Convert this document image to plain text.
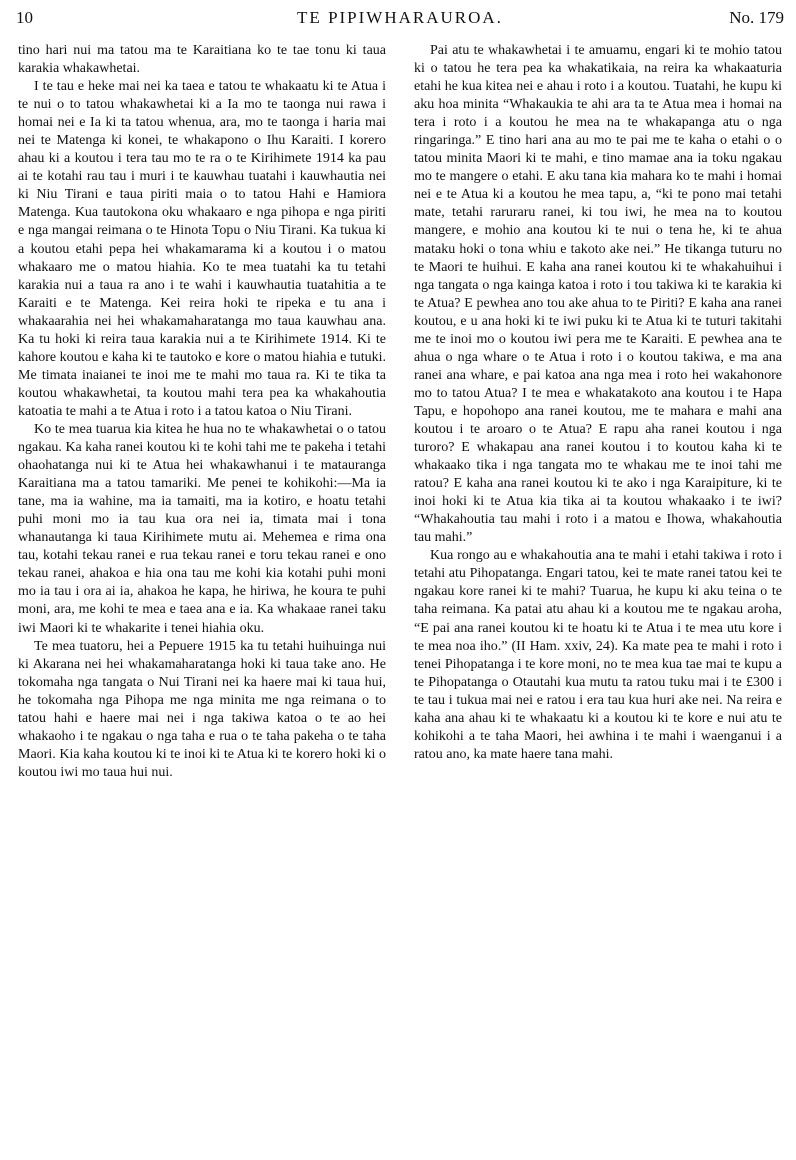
10	TE PIPIWHARAUROA.	No. 179

tino hari nui ma tatou ma te Karaitiana ko te tae tonu ki taua karakia whakawhetai.

I te tau e heke mai nei ka taea e tatou te whakaatu ki te Atua i te nui o to tatou whakawhetai ki a Ia mo te taonga nui rawa i homai nei e Ia ki ta tatou whenua, ara, mo te taonga i haria mai nei te Matenga ki konei, te whakapono o Ihu Karaiti. I korero ahau ki a koutou i tera tau mo te ra o te Kirihimete 1914 ka pau ai te kotahi rau tau i muri i te kauwhau tuatahi i kauwhautia nei ki Niu Tirani e taua piriti maia o to tatou Hahi e Hamiora Matenga. Kua tautokona oku whakaaro e nga pihopa e nga piriti e nga mangai reimana o te Hinota Topu o Niu Tirani. Ka tukua ki a koutou etahi pepa hei whakamarama ki a koutou i o matou whakaaro me o matou hiahia. Ko te mea tuatahi ka tu tetahi karakia nui a taua ra ano i te wahi i kauwhautia tuatahitia a te Karaiti e te Matenga. Kei reira hoki te ripeka e tu ana i whakaarahia nei hei whakamaharatanga mo taua kauwhau ana. Ka tu hoki ki reira taua karakia nui a te Kirihimete 1914. Ki te kahore koutou e kaha ki te tautoko e kore o matou hiahia e tutuki. Me timata inaianei te inoi me te mahi mo taua ra. Ki te tika ta koutou whakawhetai, ta koutou mahi tera pea ka whakahoutia katoatia te mahi a te Atua i roto i a tatou katoa o Niu Tirani.

Ko te mea tuarua kia kitea he hua no te whakawhetai o o tatou ngakau. Ka kaha ranei koutou ki te kohi tahi me te pakeha i tetahi ohaohatanga nui ki te Atua hei whakawhanui i te matauranga Karaitiana ma a tatou tamariki. Me penei te kohikohi:—Ma ia tane, ma ia wahine, ma ia tamaiti, ma ia kotiro, e hoatu tetahi puhi moni mo ia tau kua ora nei ia, timata mai i tona whanautanga ki taua Kirihimete mutu ai. Mehemea e rima ona tau, kotahi tekau ranei e rua tekau ranei e toru tekau ranei e ono tekau ranei, ahakoa e hia ona tau me kohi kia kotahi puhi moni mo ia tau i ora ai ia, ahakoa he kapa, he hiriwa, he koura te puhi moni, ara, me kohi te mea e taea ana e ia. Ka whakaae ranei taku iwi Maori ki te whakarite i tenei hiahia oku.

Te mea tuatoru, hei a Pepuere 1915 ka tu tetahi huihuinga nui ki Akarana nei hei whakamaharatanga hoki ki taua take ano. He tokomaha nga tangata o Nui Tirani nei ka haere mai ki taua hui, he tokomaha nga Pihopa me nga minita me nga reimana o to tatou hahi e haere mai nei i nga takiwa katoa o te ao hei whakaoho i te ngakau o nga taha e rua o te taha pakeha o te taha Maori. Kia kaha koutou ki te inoi ki te Atua ki te korero hoki ki o koutou iwi mo taua hui nui.

Pai atu te whakawhetai i te amuamu, engari ki te mohio tatou ki o tatou he tera pea ka whakatikaia, na reira ka whakaaturia etahi he kua kitea nei e ahau i roto i a koutou. Tuatahi, he kupu ki aku hoa minita “Whakaukia te ahi ara ta te Atua mea i homai na tera i roto i a koutou he mea na te whakapanga atu o nga ringaringa.” E tino hari ana au mo te pai me te kaha o etahi o o tatou minita Maori ki te mahi, e tino mamae ana ia toku ngakau mo te mangere o etahi. E aku tana kia mahara ko te mahi i homai nei e te Atua ki a koutou he mea tapu, a, “ki te pono mai tetahi mate, tetahi raruraru ranei, ki tou iwi, he mea na to koutou mangere, e mohio ana koutou ki te nui o tena he, ki te ahua mataku hoki o tona whiu e takoto ake nei.” He tikanga tuturu no te Maori te huihui. E kaha ana ranei koutou ki te whakahuihui i nga tangata o nga kainga katoa i roto i tou takiwa ki te karakia ki te Atua? E pewhea ano tou ake ahua to te Piriti? E kaha ana ranei koutou, e u ana hoki ki te iwi puku ki te Atua ki te tuturi takitahi me te inoi mo o koutou iwi pera me te Karaiti. E pewhea ana te ahua o nga whare o te Atua i roto i o koutou takiwa, e ma ana ranei ana whare, e pai katoa ana nga mea i roto hei wakahonore mo to tatou Atua? I te mea e whakatakoto ana koutou i te Hapa Tapu, e hopohopo ana ranei koutou, me te mahara e mahi ana koutou i te aroaro o te Atua? E rapu aha ranei koutou i nga turoro? E whakapau ana ranei koutou i to koutou kaha ki te whakaako tika i nga tangata mo te whakau me te inoi tahi me ratou? E kaha ana ranei koutou ki te ako i nga Karaipiture, ki te inoi hoki ki te Atua kia tika ai ta koutou whakaako i te iwi? “Whakahoutia tau mahi i roto i a matou e Ihowa, whakahoutia tau mahi.”

Kua rongo au e whakahoutia ana te mahi i etahi takiwa i roto i tetahi atu Pihopatanga. Engari tatou, kei te mate ranei tatou kei te ngakau kore ranei ki te mahi? Tuarua, he kupu ki aku teina o te taha reimana. Ka patai atu ahau ki a koutou me te ngakau aroha, “E pai ana ranei koutou ki te hoatu ki te Atua i te mea utu kore i te mea noa iho.” (II Ham. xxiv, 24). Ka mate pea te mahi i roto i tenei Pihopatanga i te kore moni, no te mea kua tae mai te kupu a te Pihopatanga o Otautahi kua mutu ta ratou tuku mai i te £300 i te tau i tukua mai nei e ratou i era tau kua huri ake nei. Na reira e kaha ana ahau ki te whakaatu ki a koutou ki te kore e nui atu te kohikohi a te taha Maori, hei awhina i te mahi i waenganui i a ratou ano, ka mate haere tana mahi.
